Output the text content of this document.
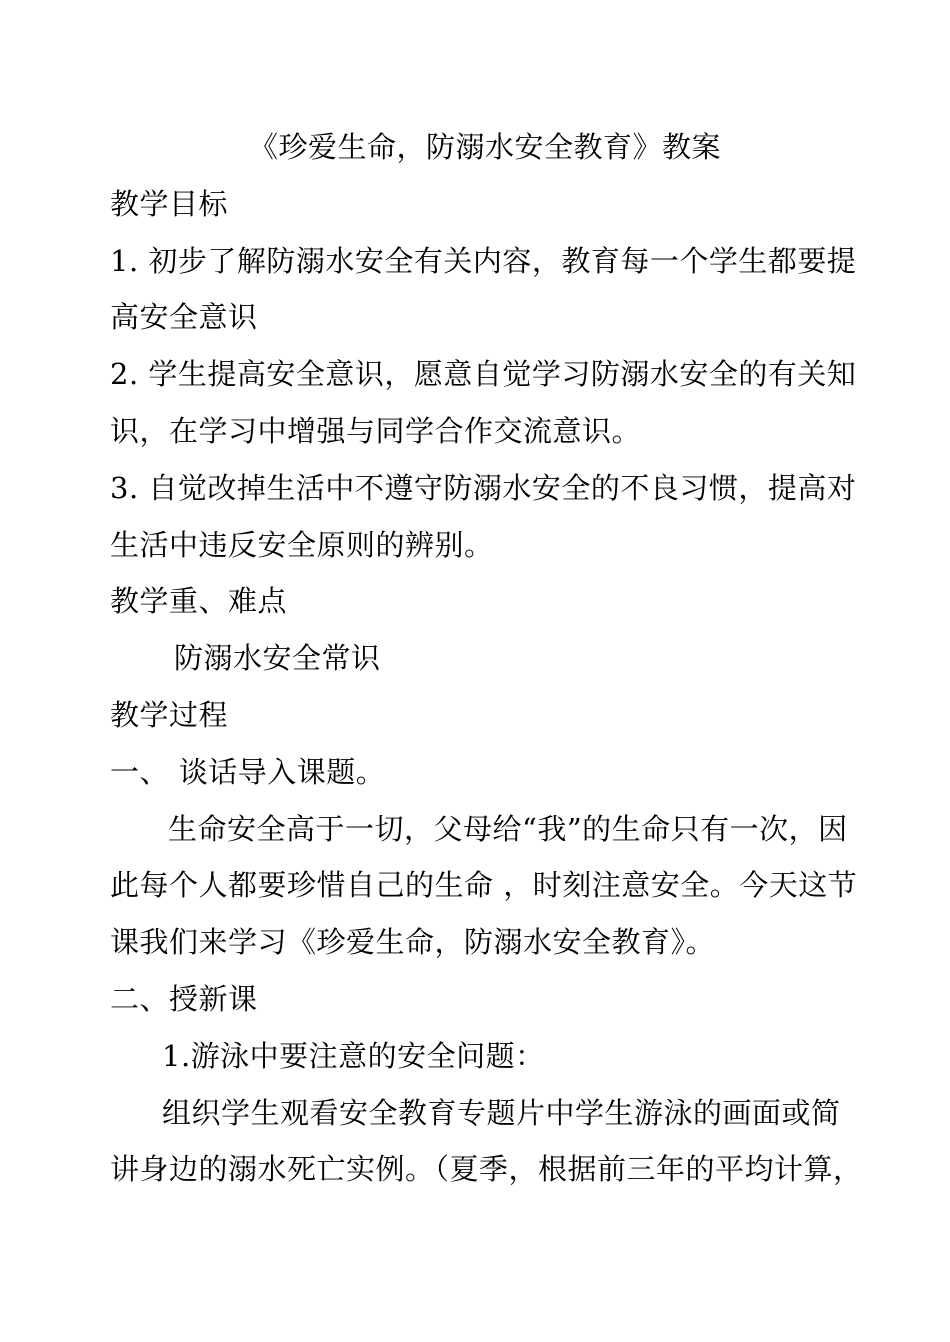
《珍爱生命，防溺水安全教育》教案
教学目标
1. 初步了解防溺水安全有关内容，教育每一个学生都要提
高安全意识
2. 学生提高安全意识，愿意自觉学习防溺水安全的有关知
识，在学习中增强与同学合作交流意识。
3. 自觉改掉生活中不遵守防溺水安全的不良习惯，提高对
生活中违反安全原则的辨别。
教学重、难点
防溺水安全常识
教学过程
一、 谈话导入课题。
生命安全高于一切，父母给“我”的生命只有一次，因
此每个人都要珍惜自己的生命 ，时刻注意安全。今天这节
课我们来学习《珍爱生命，防溺水安全教育》。
二、授新课
1.游泳中要注意的安全问题：
组织学生观看安全教育专题片中学生游泳的画面或简
讲身边的溺水死亡实例。（夏季，根据前三年的平均计算，
